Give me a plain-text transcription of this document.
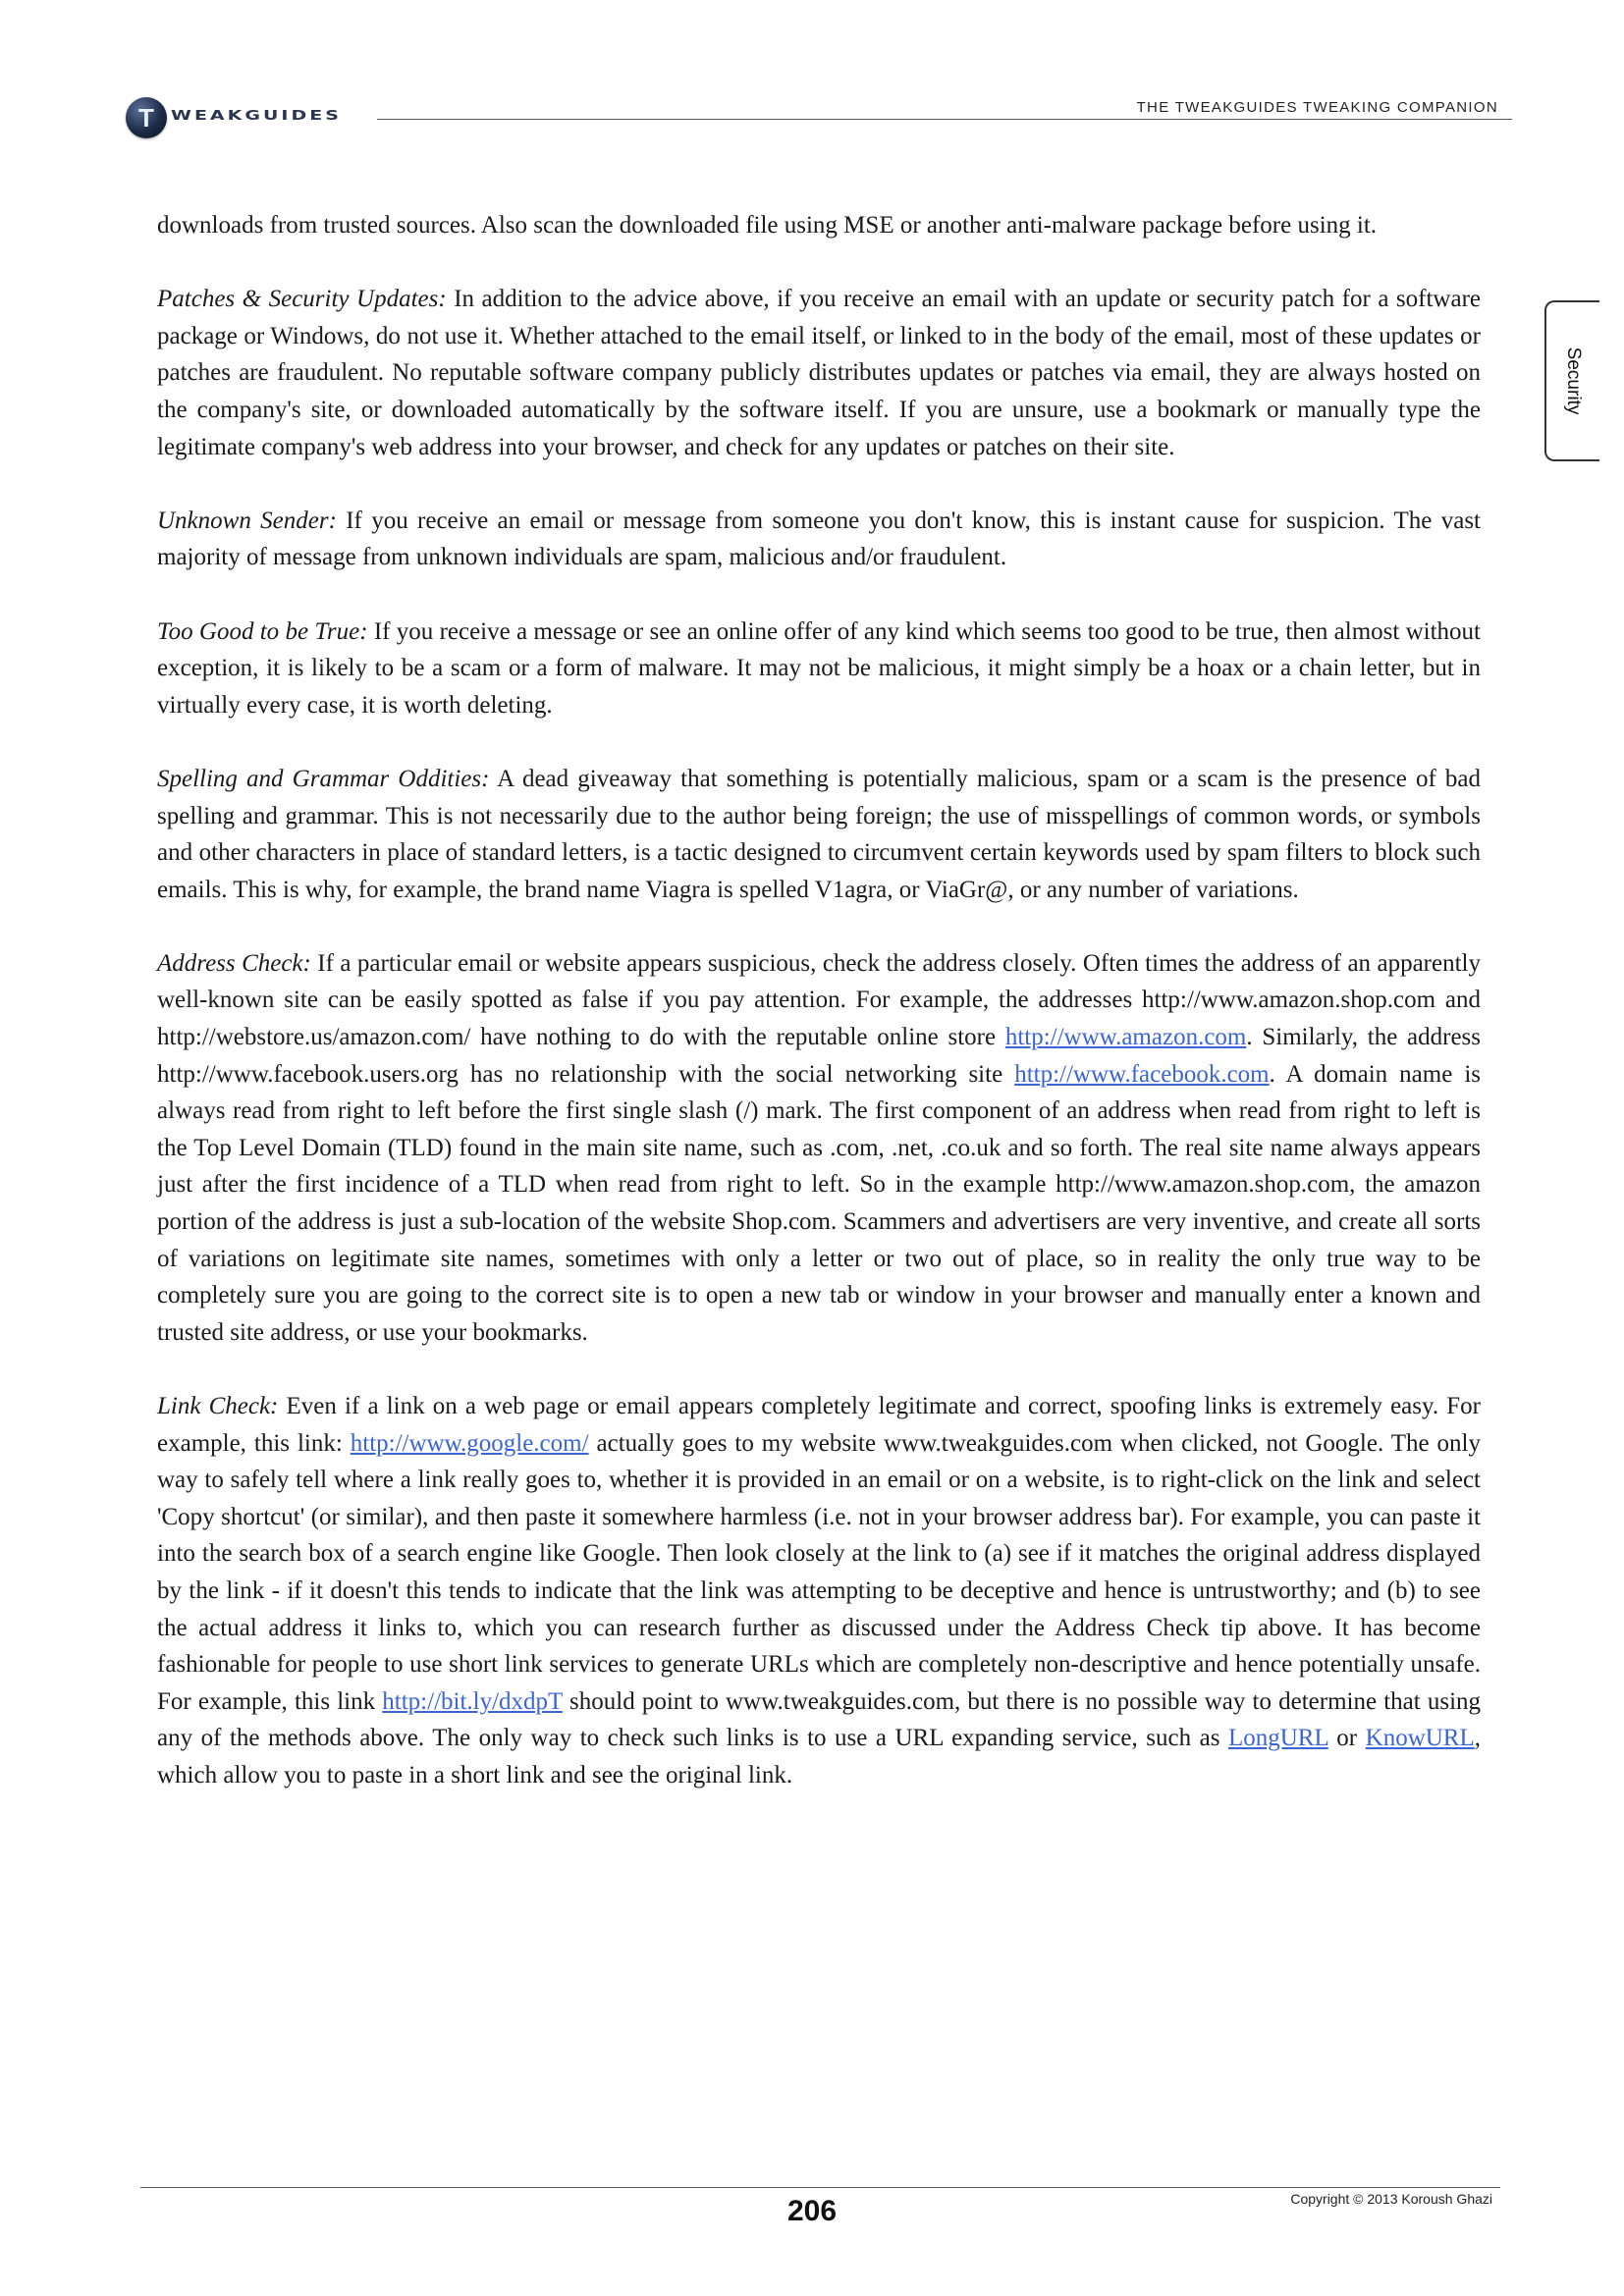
T WEAKGUIDES	THE TWEAKGUIDES TWEAKING COMPANION
Security

downloads from trusted sources. Also scan the downloaded file using MSE or another anti-malware package before using it.

Patches & Security Updates: In addition to the advice above, if you receive an email with an update or security patch for a software package or Windows, do not use it. Whether attached to the email itself, or linked to in the body of the email, most of these updates or patches are fraudulent. No reputable software company publicly distributes updates or patches via email, they are always hosted on the company's site, or downloaded automatically by the software itself. If you are unsure, use a bookmark or manually type the legitimate company's web address into your browser, and check for any updates or patches on their site.

Unknown Sender: If you receive an email or message from someone you don't know, this is instant cause for suspicion. The vast majority of message from unknown individuals are spam, malicious and/or fraudulent.

Too Good to be True: If you receive a message or see an online offer of any kind which seems too good to be true, then almost without exception, it is likely to be a scam or a form of malware. It may not be malicious, it might simply be a hoax or a chain letter, but in virtually every case, it is worth deleting.

Spelling and Grammar Oddities: A dead giveaway that something is potentially malicious, spam or a scam is the presence of bad spelling and grammar. This is not necessarily due to the author being foreign; the use of misspellings of common words, or symbols and other characters in place of standard letters, is a tactic designed to circumvent certain keywords used by spam filters to block such emails. This is why, for example, the brand name Viagra is spelled V1agra, or ViaGr@, or any number of variations.

Address Check: If a particular email or website appears suspicious, check the address closely. Often times the address of an apparently well-known site can be easily spotted as false if you pay attention. For example, the addresses http://www.amazon.shop.com and http://webstore.us/amazon.com/ have nothing to do with the reputable online store http://www.amazon.com. Similarly, the address http://www.facebook.users.org has no relationship with the social networking site http://www.facebook.com. A domain name is always read from right to left before the first single slash (/) mark. The first component of an address when read from right to left is the Top Level Domain (TLD) found in the main site name, such as .com, .net, .co.uk and so forth. The real site name always appears just after the first incidence of a TLD when read from right to left. So in the example http://www.amazon.shop.com, the amazon portion of the address is just a sub-location of the website Shop.com. Scammers and advertisers are very inventive, and create all sorts of variations on legitimate site names, sometimes with only a letter or two out of place, so in reality the only true way to be completely sure you are going to the correct site is to open a new tab or window in your browser and manually enter a known and trusted site address, or use your bookmarks.

Link Check: Even if a link on a web page or email appears completely legitimate and correct, spoofing links is extremely easy. For example, this link: http://www.google.com/ actually goes to my website www.tweakguides.com when clicked, not Google. The only way to safely tell where a link really goes to, whether it is provided in an email or on a website, is to right-click on the link and select 'Copy shortcut' (or similar), and then paste it somewhere harmless (i.e. not in your browser address bar). For example, you can paste it into the search box of a search engine like Google. Then look closely at the link to (a) see if it matches the original address displayed by the link - if it doesn't this tends to indicate that the link was attempting to be deceptive and hence is untrustworthy; and (b) to see the actual address it links to, which you can research further as discussed under the Address Check tip above. It has become fashionable for people to use short link services to generate URLs which are completely non-descriptive and hence potentially unsafe. For example, this link http://bit.ly/dxdpT should point to www.tweakguides.com, but there is no possible way to determine that using any of the methods above. The only way to check such links is to use a URL expanding service, such as LongURL or KnowURL, which allow you to paste in a short link and see the original link.

Copyright © 2013 Koroush Ghazi
206
